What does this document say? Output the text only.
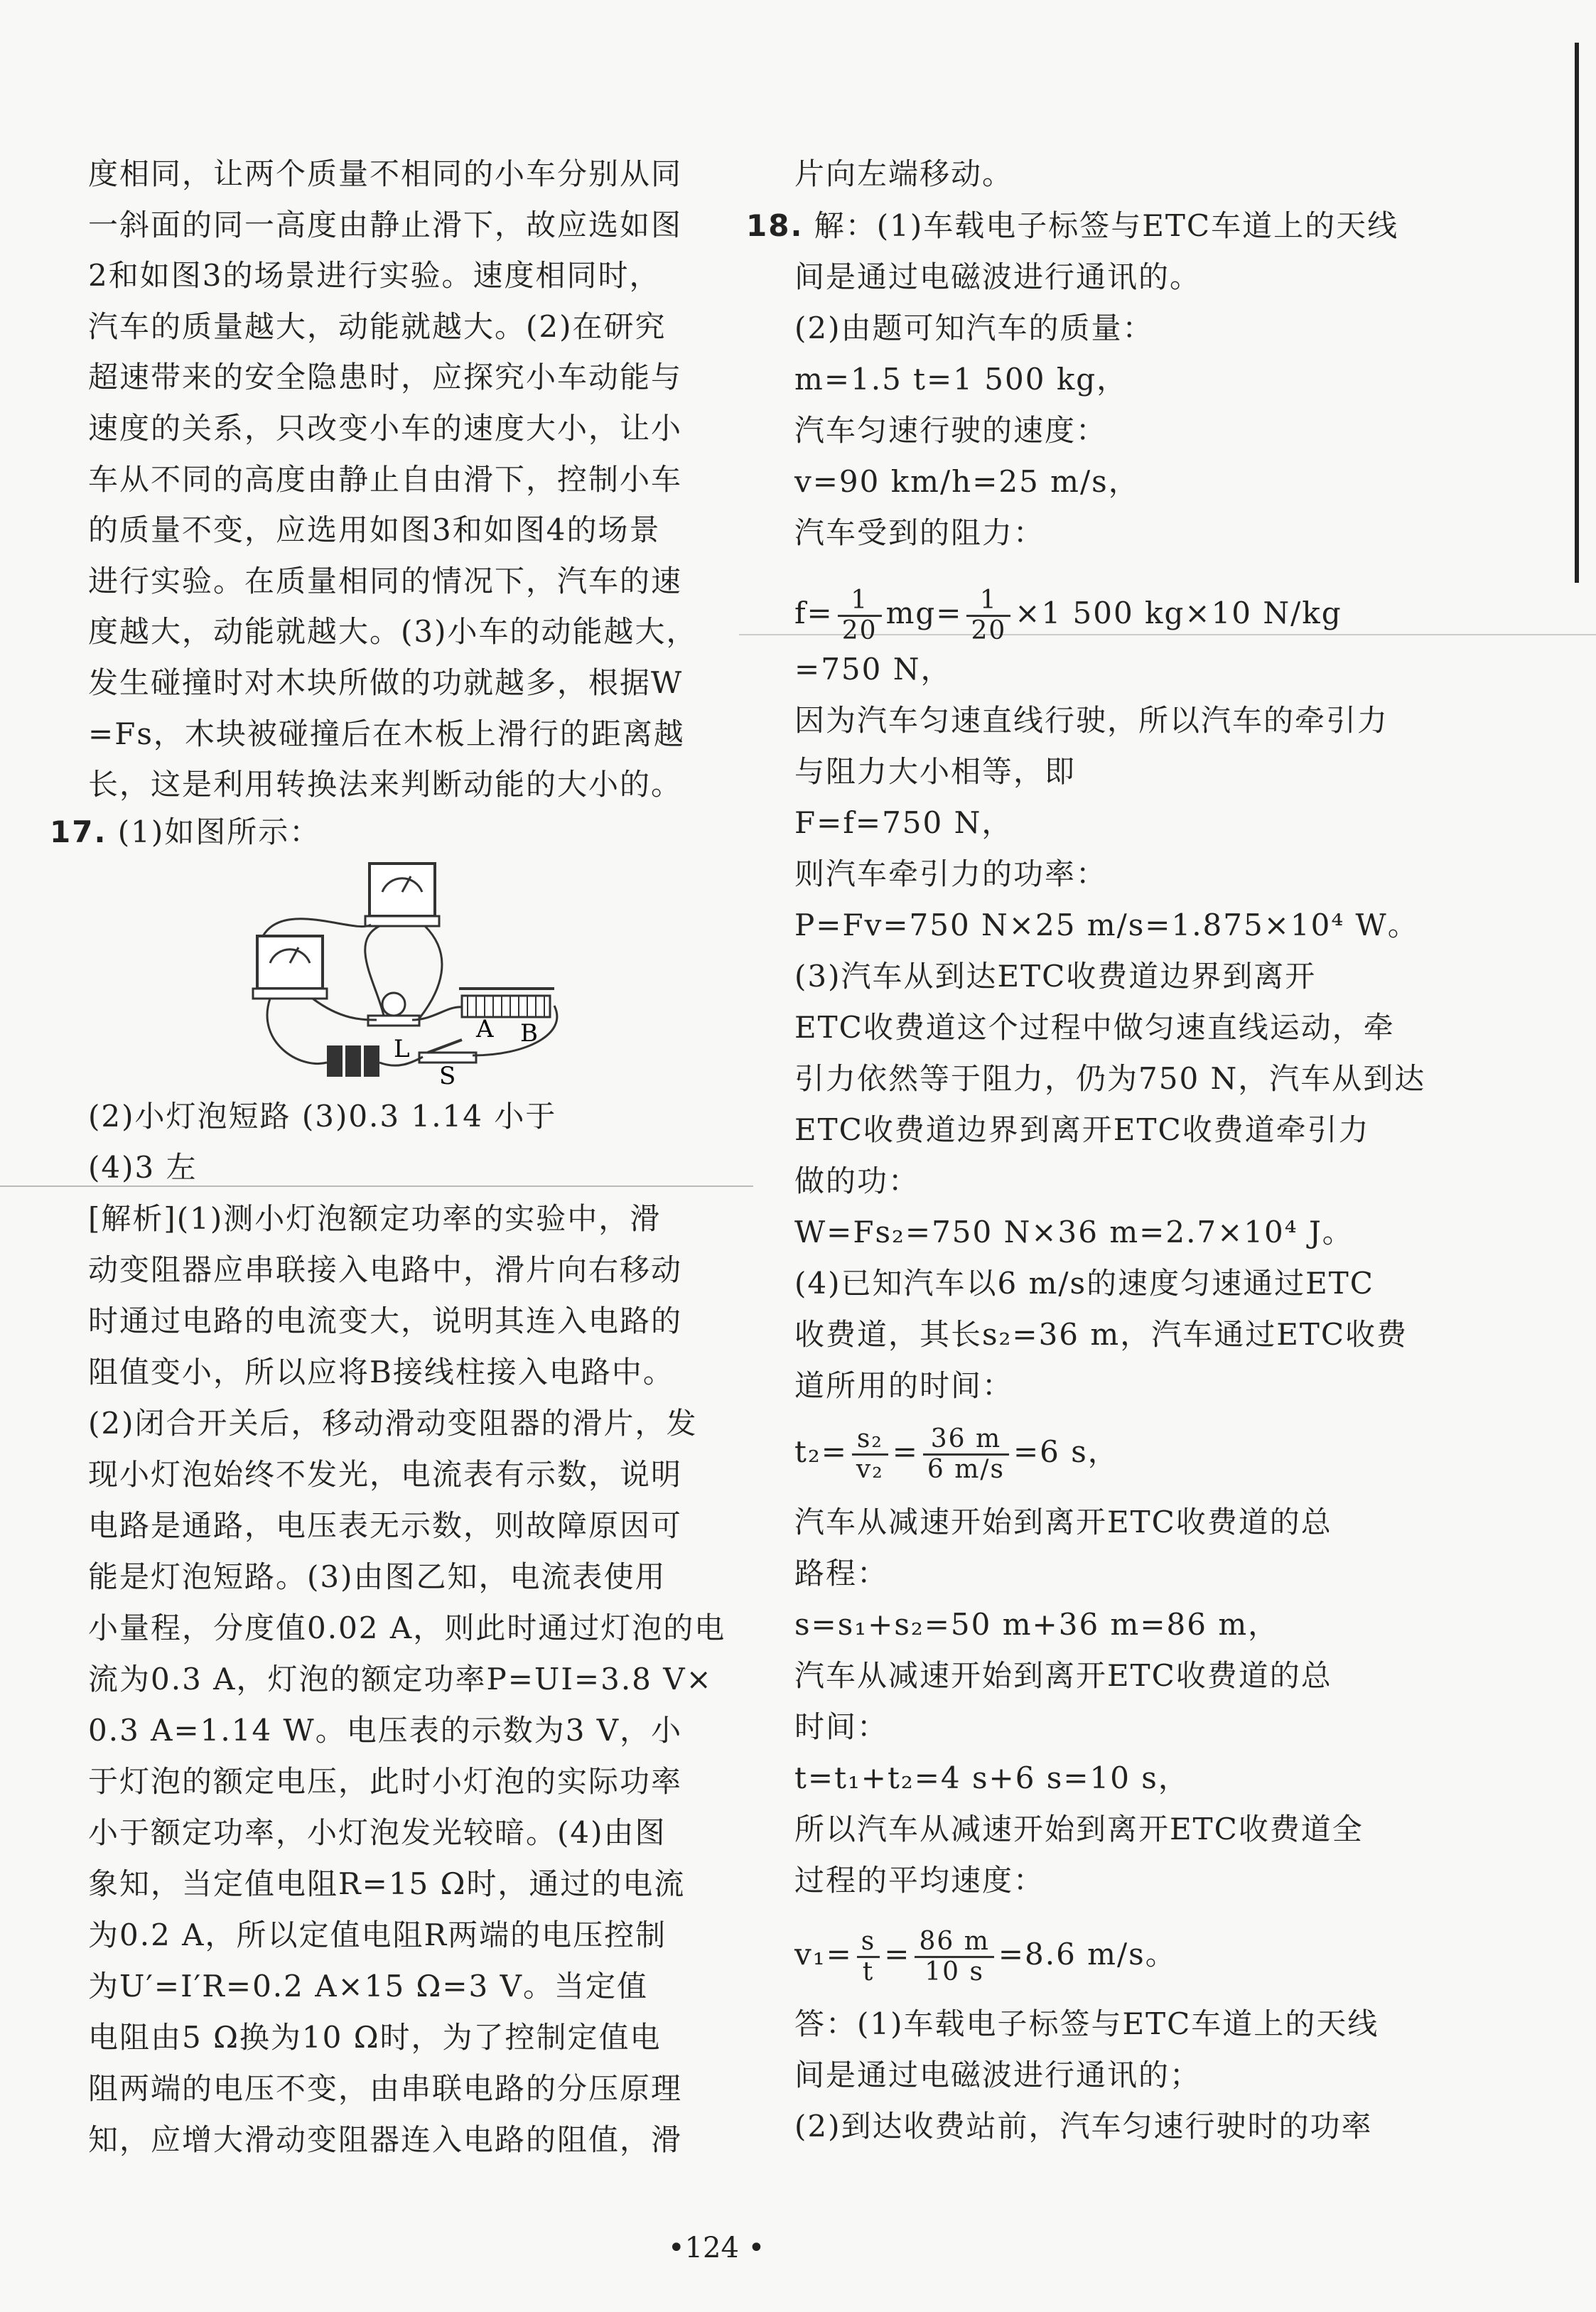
度相同，让两个质量不相同的小车分别从同
一斜面的同一高度由静止滑下，故应选如图
2和如图3的场景进行实验。速度相同时，
汽车的质量越大，动能就越大。(2)在研究
超速带来的安全隐患时，应探究小车动能与
速度的关系，只改变小车的速度大小，让小
车从不同的高度由静止自由滑下，控制小车
的质量不变，应选用如图3和如图4的场景
进行实验。在质量相同的情况下，汽车的速
度越大，动能就越大。(3)小车的动能越大，
发生碰撞时对木块所做的功就越多，根据W
=Fs，木块被碰撞后在木板上滑行的距离越
长，这是利用转换法来判断动能的大小的。
17. (1)如图所示：
L
A B
S
(2)小灯泡短路 (3)0.3 1.14 小于
(4)3 左
[解析](1)测小灯泡额定功率的实验中，滑
动变阻器应串联接入电路中，滑片向右移动
时通过电路的电流变大，说明其连入电路的
阻值变小，所以应将B接线柱接入电路中。
(2)闭合开关后，移动滑动变阻器的滑片，发
现小灯泡始终不发光，电流表有示数，说明
电路是通路，电压表无示数，则故障原因可
能是灯泡短路。(3)由图乙知，电流表使用
小量程，分度值0.02 A，则此时通过灯泡的电
流为0.3 A，灯泡的额定功率P=UI=3.8 V×
0.3 A=1.14 W。电压表的示数为3 V，小
于灯泡的额定电压，此时小灯泡的实际功率
小于额定功率，小灯泡发光较暗。(4)由图
象知，当定值电阻R=15 Ω时，通过的电流
为0.2 A，所以定值电阻R两端的电压控制
为U′=I′R=0.2 A×15 Ω=3 V。当定值
电阻由5 Ω换为10 Ω时，为了控制定值电
阻两端的电压不变，由串联电路的分压原理
知，应增大滑动变阻器连入电路的阻值，滑
片向左端移动。
18. 解：(1)车载电子标签与ETC车道上的天线
间是通过电磁波进行通讯的。
(2)由题可知汽车的质量：
m=1.5 t=1 500 kg，
汽车匀速行驶的速度：
v=90 km/h=25 m/s，
汽车受到的阻力：
$f= \frac{1}{20} mg= \frac{1}{20} \times 1$ 500 kg×10 N/kg
=750 N，
因为汽车匀速直线行驶，所以汽车的牵引力
与阻力大小相等，即
F=f=750 N，
则汽车牵引力的功率：
P=Fv=750 N×25 m/s=1.875×10⁴ W。
(3)汽车从到达ETC收费道边界到离开
ETC收费道这个过程中做匀速直线运动，牵
引力依然等于阻力，仍为750 N，汽车从到达
ETC收费道边界到离开ETC收费道牵引力
做的功：
W=Fs₂=750 N×36 m=2.7×10⁴ J。
(4)已知汽车以6 m/s的速度匀速通过ETC
收费道，其长s₂=36 m，汽车通过ETC收费
道所用的时间：
$t_2= \frac{\text{s₂}}{\text{v₂}} = \frac{36 m}{6 m/s} =6$ s，
汽车从减速开始到离开ETC收费道的总
路程：
s=s₁+s₂=50 m+36 m=86 m，
汽车从减速开始到离开ETC收费道的总
时间：
t=t₁+t₂=4 s+6 s=10 s，
所以汽车从减速开始到离开ETC收费道全
过程的平均速度：
$v_1= \frac{s}{t} = \frac{86 m}{10 s} =8.6$ m/s。
答：(1)车载电子标签与ETC车道上的天线
间是通过电磁波进行通讯的；
(2)到达收费站前，汽车匀速行驶时的功率
•124 •
